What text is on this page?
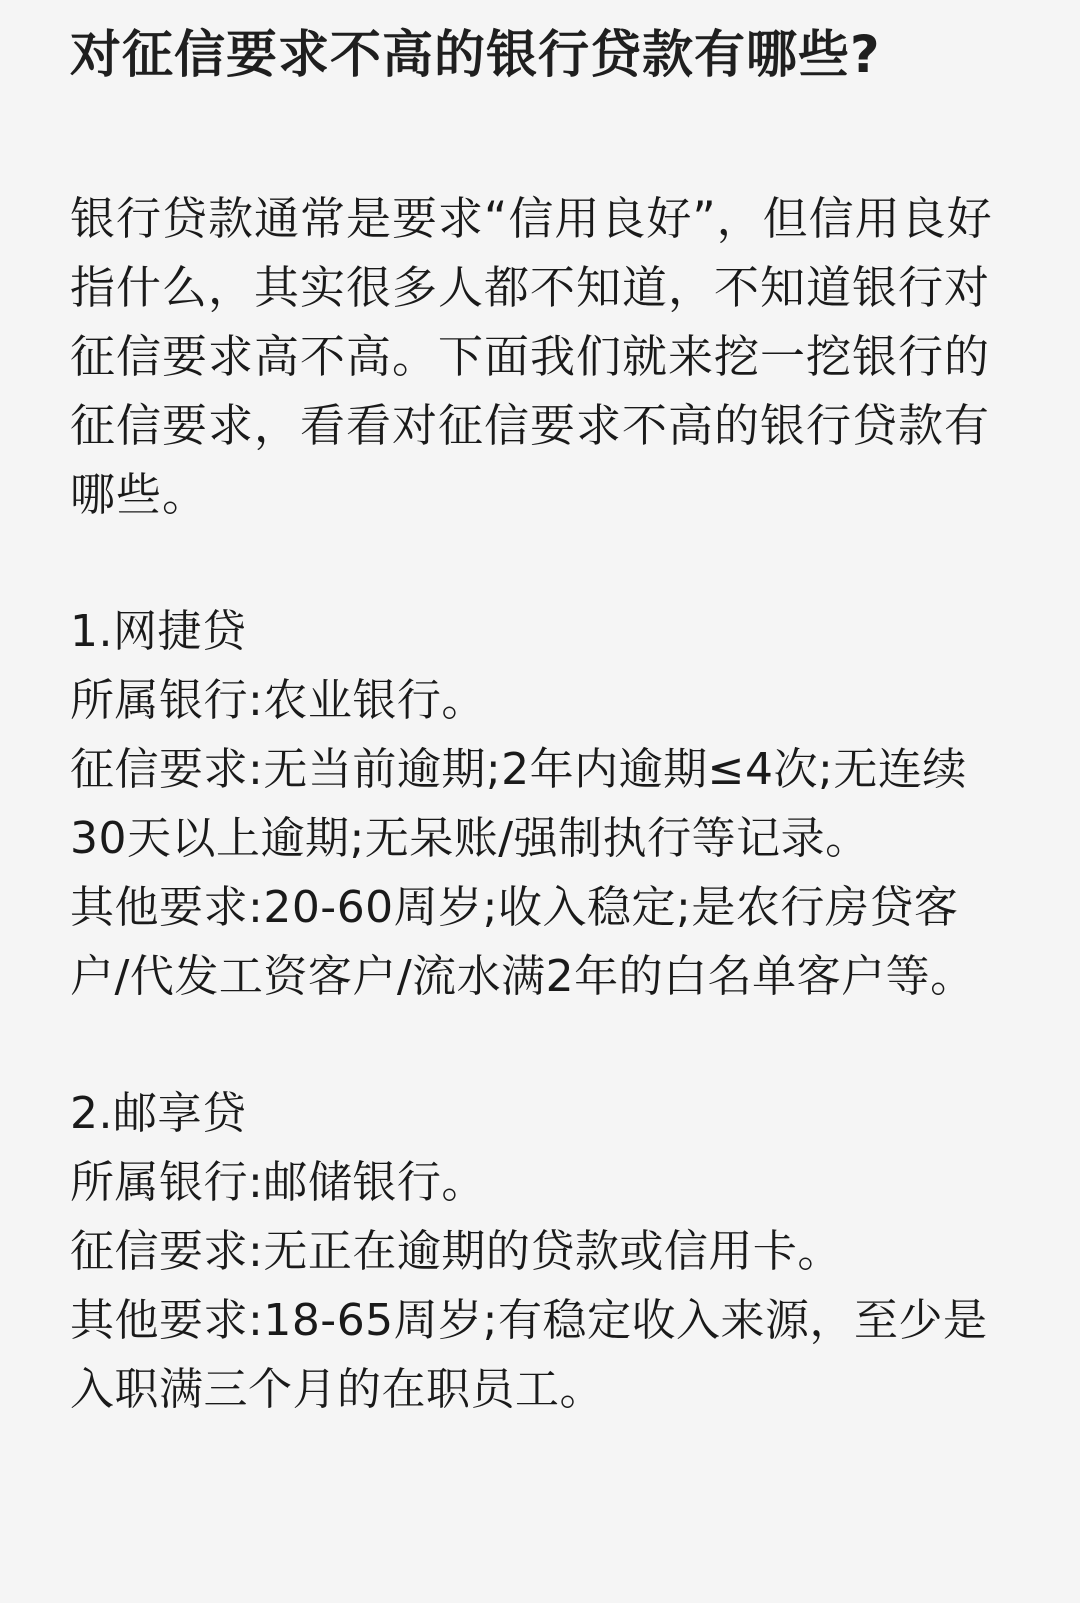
对征信要求不高的银行贷款有哪些?

银行贷款通常是要求“信用良好”，但信用良好指什么，其实很多人都不知道，不知道银行对征信要求高不高。下面我们就来挖一挖银行的征信要求，看看对征信要求不高的银行贷款有哪些。

1.网捷贷
所属银行:农业银行。
征信要求:无当前逾期;2年内逾期≤4次;无连续30天以上逾期;无呆账/强制执行等记录。
其他要求:20-60周岁;收入稳定;是农行房贷客户/代发工资客户/流水满2年的白名单客户等。
2.邮享贷
所属银行:邮储银行。
征信要求:无正在逾期的贷款或信用卡。
其他要求:18-65周岁;有稳定收入来源，至少是入职满三个月的在职员工。
